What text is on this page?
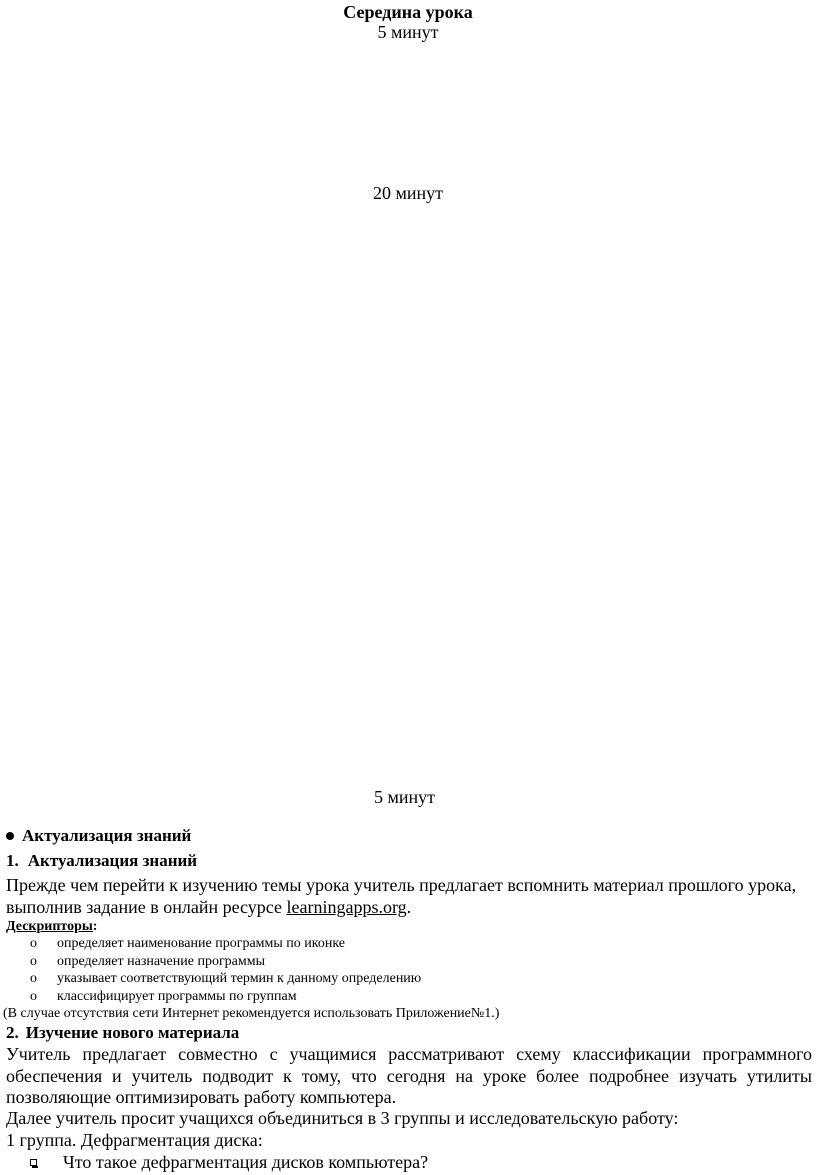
Середина урока
5 минут
20 минут
5 минут
Актуализация знаний
1. Актуализация знаний
Прежде чем перейти к изучению темы урока учитель предлагает вспомнить материал прошлого урока, выполнив задание в онлайн ресурсе learningapps.org.
Дескрипторы:
o определяет наименование программы по иконке
o определяет назначение программы
o указывает соответствующий термин к данному определению
o классифицирует программы по группам
(В случае отсутствия сети Интернет рекомендуется использовать Приложение№1.)
2. Изучение нового материала
Учитель предлагает совместно с учащимися рассматривают схему классификации программного обеспечения и учитель подводит к тому, что сегодня на уроке более подробнее изучать утилиты позволяющие оптимизировать работу компьютера.
Далее учитель просит учащихся объединиться в 3 группы и исследовательскую работу:
1 группа. Дефрагментация диска:
Что такое дефрагментация дисков компьютера?
